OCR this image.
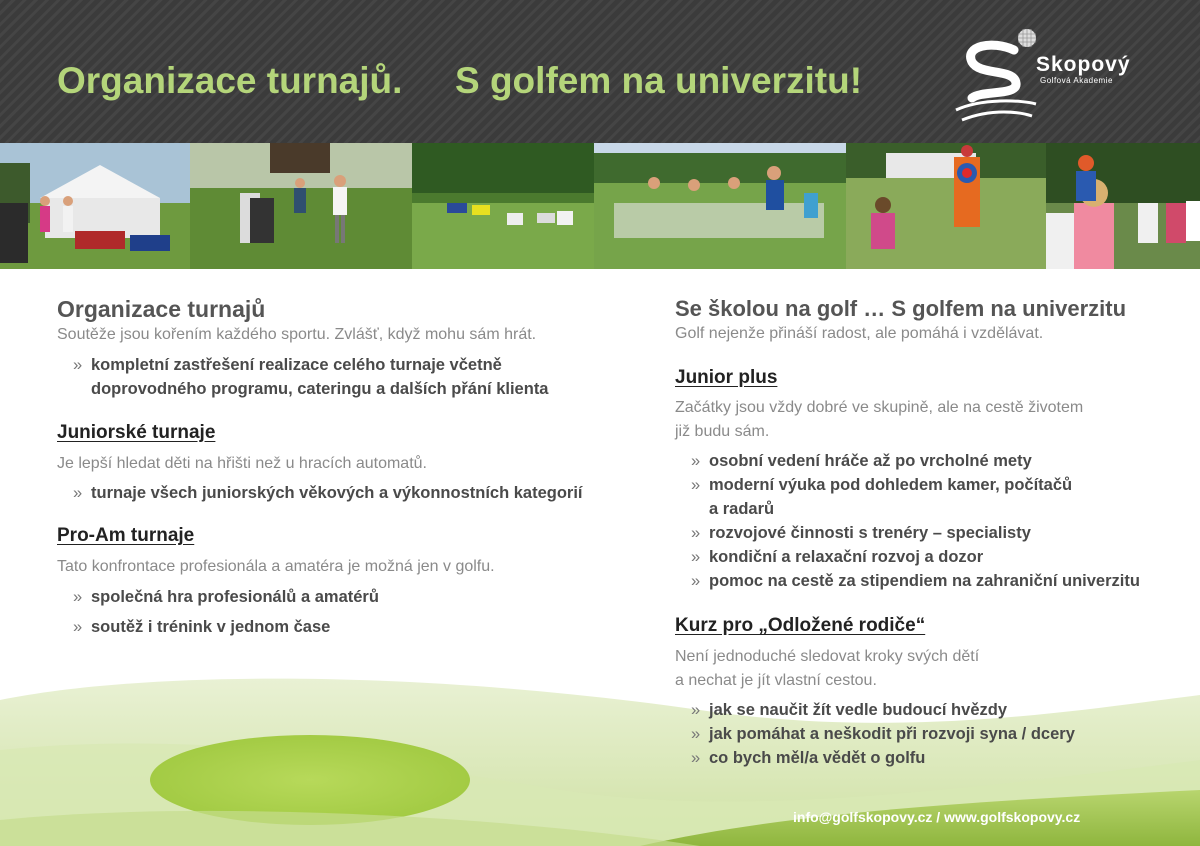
Organizace turnajů. S golfem na univerzitu!	Skopový
Golfová Akademie
Organizace turnajů
Soutěže jsou kořením každého sportu. Zvlášť, když mohu sám hrát.
» kompletní zastřešení realizace celého turnaje včetně
doprovodného programu, cateringu a dalších přání klienta
Juniorské turnaje
Je lepší hledat děti na hřišti než u hracích automatů.
» turnaje všech juniorských věkových a výkonnostních kategorií
Pro-Am turnaje
Tato konfrontace profesionála a amatéra je možná jen v golfu.
» společná hra profesionálů a amatérů
» soutěž i trénink v jednom čase
Se školou na golf … S golfem na univerzitu
Golf nejenže přináší radost, ale pomáhá i vzdělávat.
Junior plus
Začátky jsou vždy dobré ve skupině, ale na cestě životem
již budu sám.
» osobní vedení hráče až po vrcholné mety
» moderní výuka pod dohledem kamer, počítačů
a radarů
» rozvojové činnosti s trenéry – specialisty
» kondiční a relaxační rozvoj a dozor
» pomoc na cestě za stipendiem na zahraniční univerzitu
Kurz pro „Odložené rodiče“
Není jednoduché sledovat kroky svých dětí
a nechat je jít vlastní cestou.
» jak se naučit žít vedle budoucí hvězdy
» jak pomáhat a neškodit při rozvoji syna / dcery
» co bych měl/a vědět o golfu
info@golfskopovy.cz / www.golfskopovy.cz
